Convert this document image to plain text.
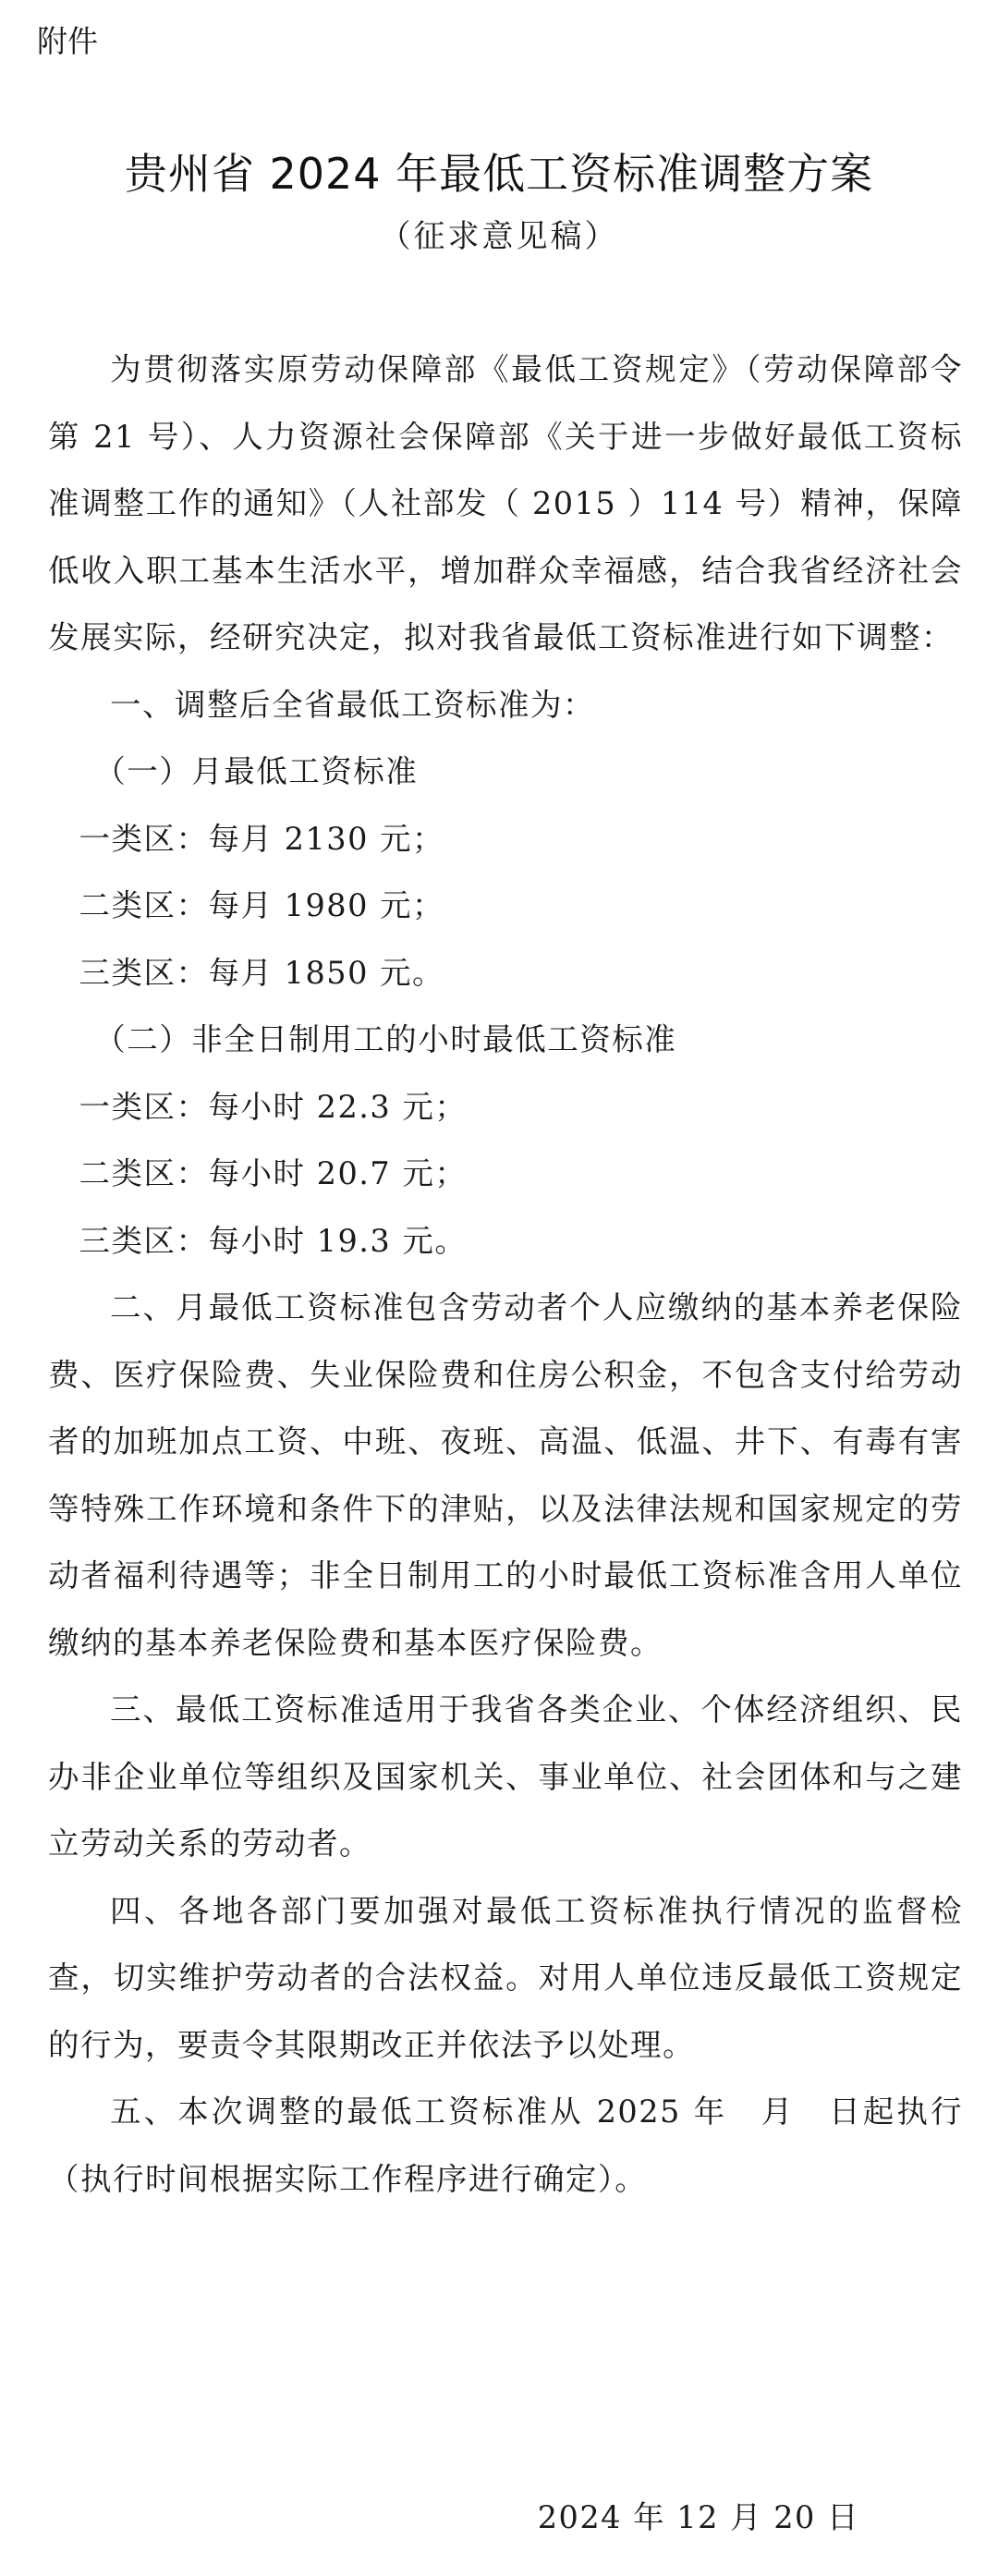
附件
贵州省 2024 年最低工资标准调整方案
（征求意见稿）

为贯彻落实原劳动保障部《最低工资规定》（劳动保障部令第 21 号）、人力资源社会保障部《关于进一步做好最低工资标准调整工作的通知》（人社部发（ 2015 ）114 号）精神，保障低收入职工基本生活水平，增加群众幸福感，结合我省经济社会发展实际，经研究决定，拟对我省最低工资标准进行如下调整：

一、调整后全省最低工资标准为：

（一）月最低工资标准

一类区：每月 2130 元；

二类区：每月 1980 元；

三类区：每月 1850 元。

（二）非全日制用工的小时最低工资标准

一类区：每小时 22.3 元；

二类区：每小时 20.7 元；

三类区：每小时 19.3 元。

二、月最低工资标准包含劳动者个人应缴纳的基本养老保险费、医疗保险费、失业保险费和住房公积金，不包含支付给劳动者的加班加点工资、中班、夜班、高温、低温、井下、有毒有害等特殊工作环境和条件下的津贴，以及法律法规和国家规定的劳动者福利待遇等；非全日制用工的小时最低工资标准含用人单位缴纳的基本养老保险费和基本医疗保险费。

三、最低工资标准适用于我省各类企业、个体经济组织、民办非企业单位等组织及国家机关、事业单位、社会团体和与之建立劳动关系的劳动者。

四、各地各部门要加强对最低工资标准执行情况的监督检查，切实维护劳动者的合法权益。对用人单位违反最低工资规定的行为，要责令其限期改正并依法予以处理。

五、本次调整的最低工资标准从 2025 年　月　日起执行（执行时间根据实际工作程序进行确定）。

2024 年 12 月 20 日
